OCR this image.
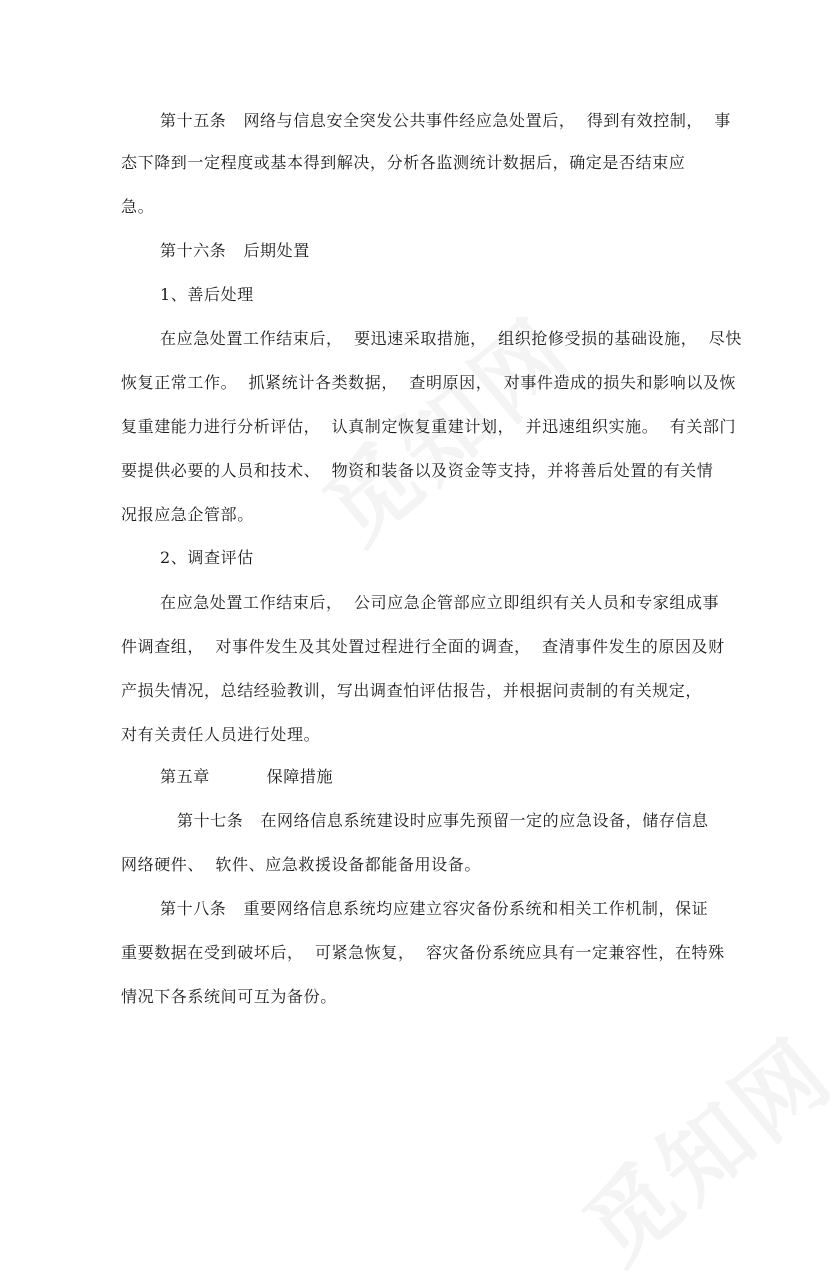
第十五条   网络与信息安全突发公共事件经应急处置后，  得到有效控制，  事
态下降到一定程度或基本得到解决，分析各监测统计数据后，确定是否结束应
急。
第十六条   后期处置
1、善后处理
在应急处置工作结束后，  要迅速采取措施，  组织抢修受损的基础设施，  尽快
恢复正常工作。  抓紧统计各类数据，  查明原因，  对事件造成的损失和影响以及恢
复重建能力进行分析评估，  认真制定恢复重建计划，  并迅速组织实施。  有关部门
要提供必要的人员和技术、  物资和装备以及资金等支持，并将善后处置的有关情
况报应急企管部。
2、调查评估
在应急处置工作结束后，  公司应急企管部应立即组织有关人员和专家组成事
件调查组，  对事件发生及其处置过程进行全面的调查，  查清事件发生的原因及财
产损失情况，总结经验教训，写出调查怕评估报告，并根据问责制的有关规定，
对有关责任人员进行处理。
第五章          保障措施
第十七条   在网络信息系统建设时应事先预留一定的应急设备，储存信息
网络硬件、  软件、应急救援设备都能备用设备。
第十八条   重要网络信息系统均应建立容灾备份系统和相关工作机制，保证
重要数据在受到破坏后，  可紧急恢复，  容灾备份系统应具有一定兼容性，在特殊
情况下各系统间可互为备份。
